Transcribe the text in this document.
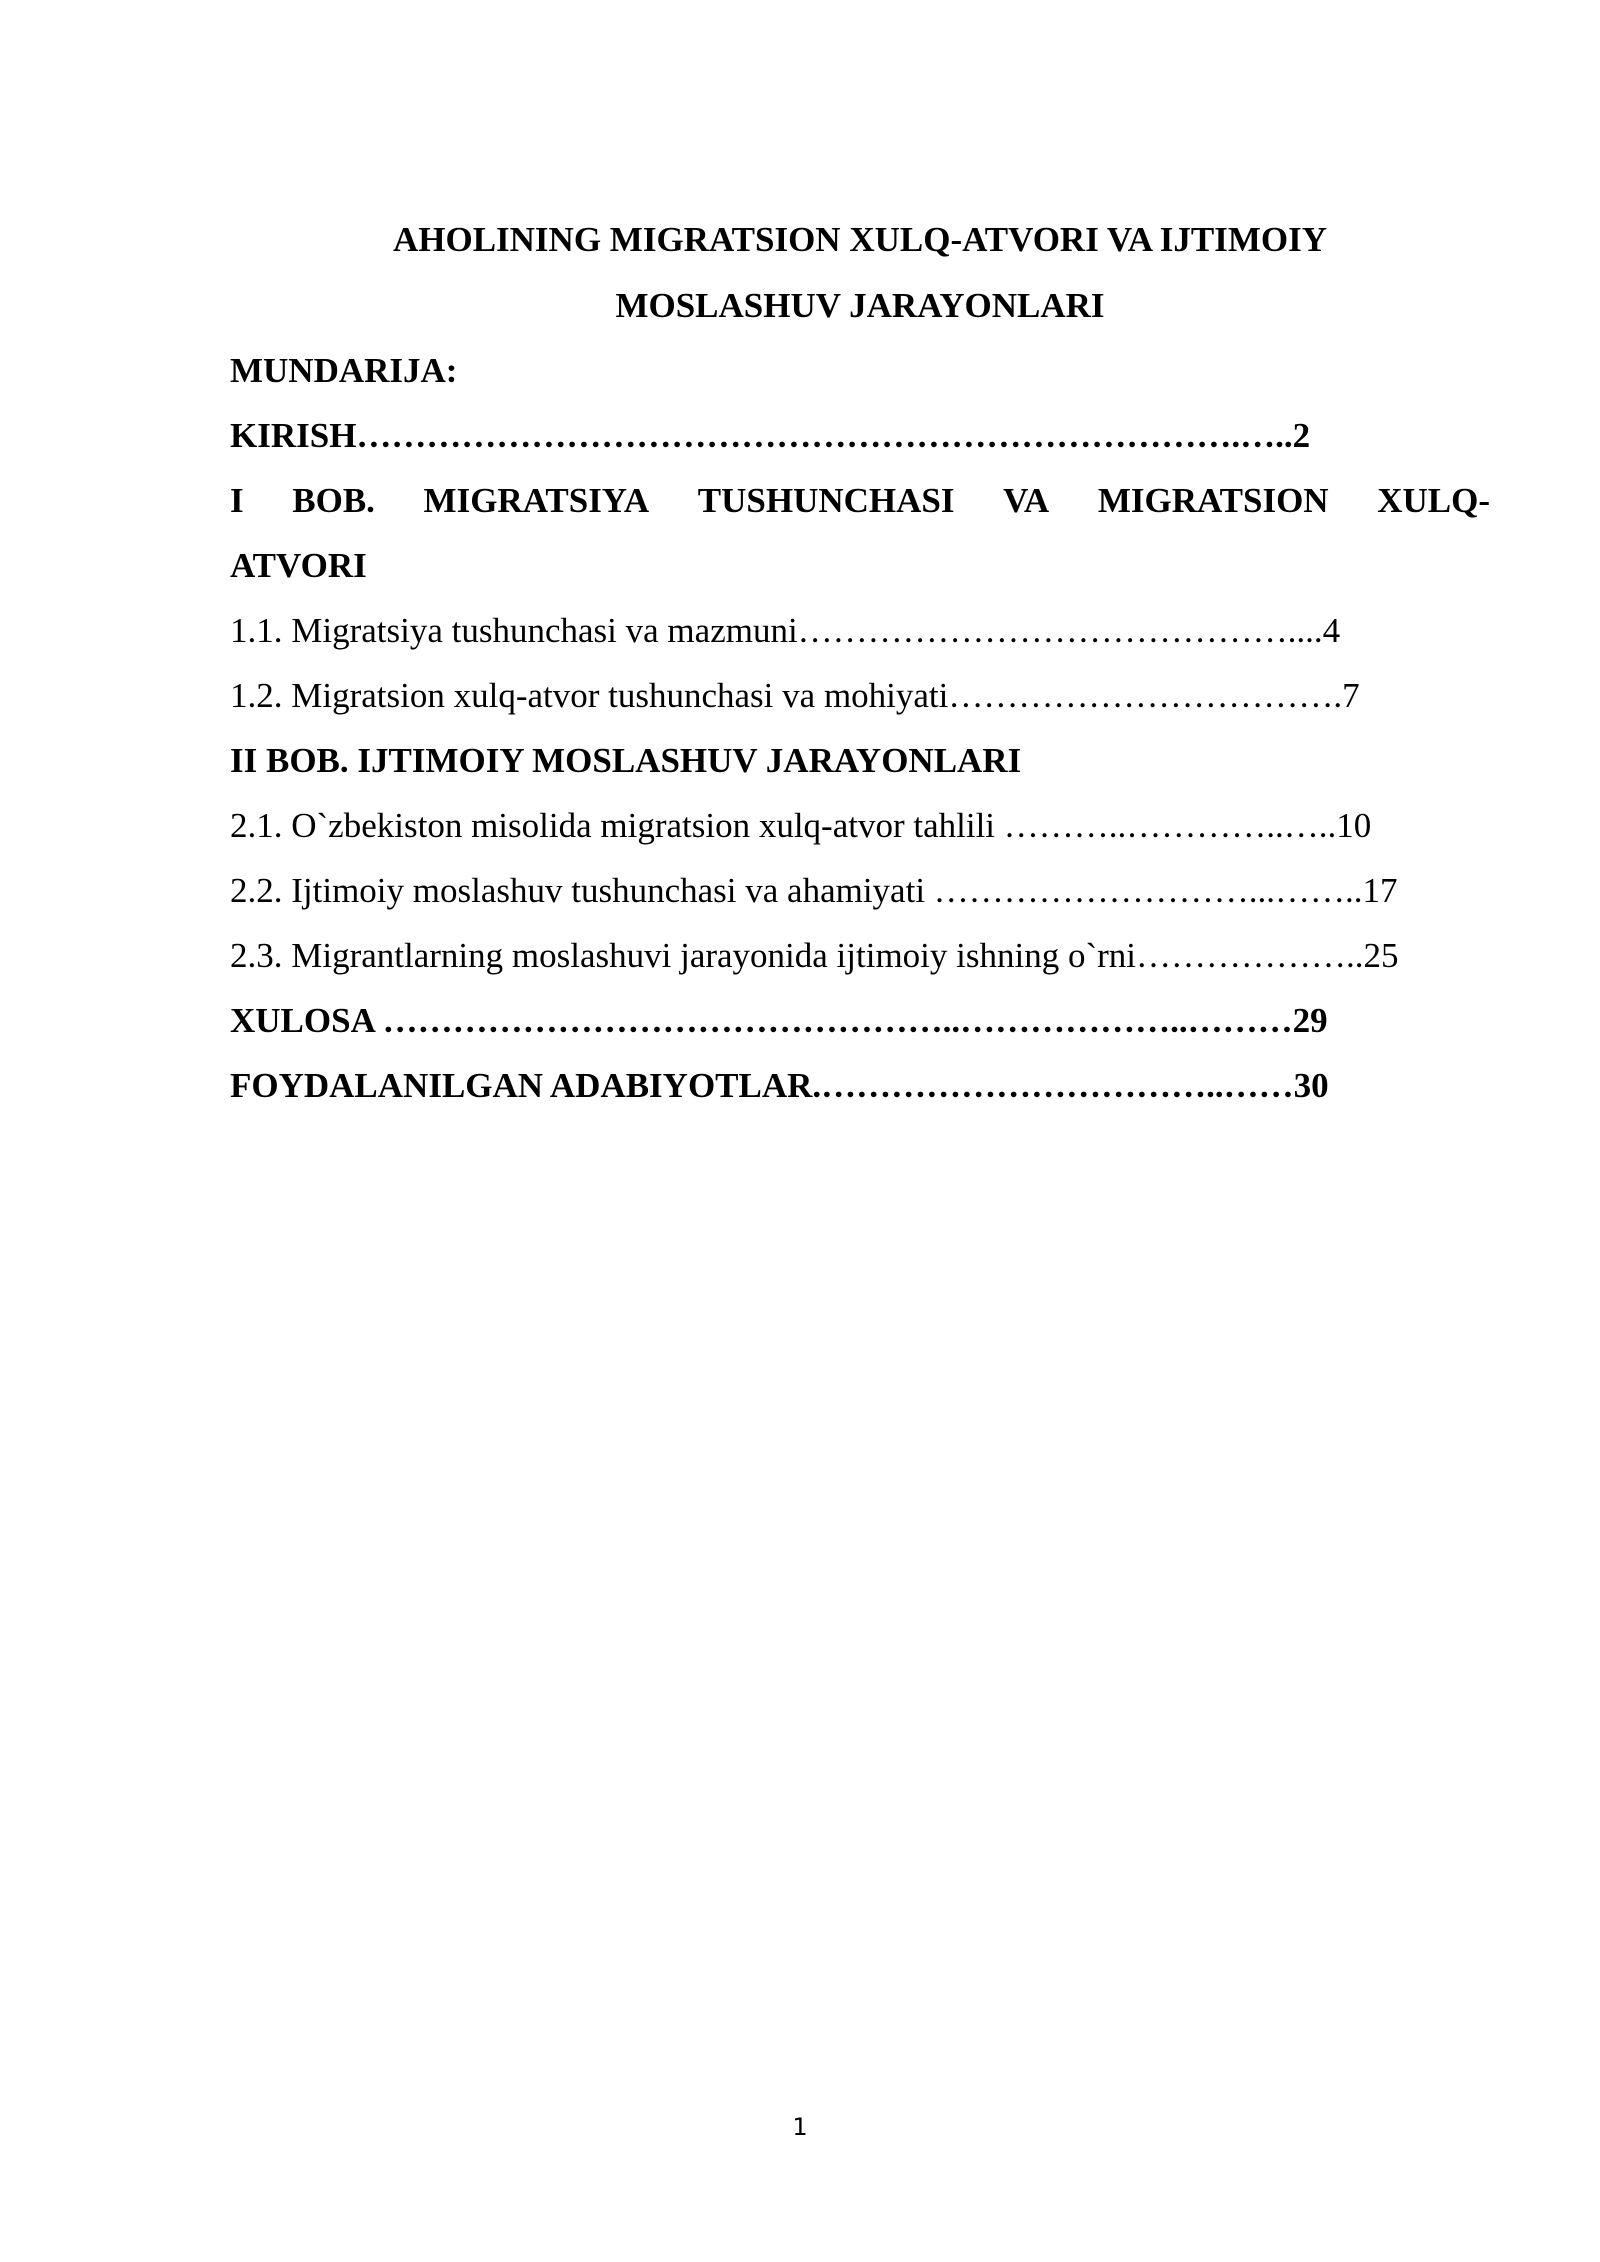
AHOLINING MIGRATSION XULQ-ATVORI VA IJTIMOIY
MOSLASHUV JARAYONLARI
MUNDARIJA:
KIRISH………………………………………………………………….…..2
I BOB. MIGRATSIYA TUSHUNCHASI VA MIGRATSION XULQ-
ATVORI
1.1. Migratsiya tushunchasi va mazmuni……………………………………....4
1.2. Migratsion xulq-atvor tushunchasi va mohiyati…………………………….7
II BOB. IJTIMOIY MOSLASHUV JARAYONLARI
2.1. O`zbekiston misolida migratsion xulq-atvor tahlili ………..…………..…..10
2.2. Ijtimoiy moslashuv tushunchasi va ahamiyati ………………………...……..17
2.3. Migrantlarning moslashuvi jarayonida ijtimoiy ishning o`rni………………..25
XULOSA …………………………………………..………………..………29
FOYDALANILGAN ADABIYOTLAR.……………………………..……30
1
